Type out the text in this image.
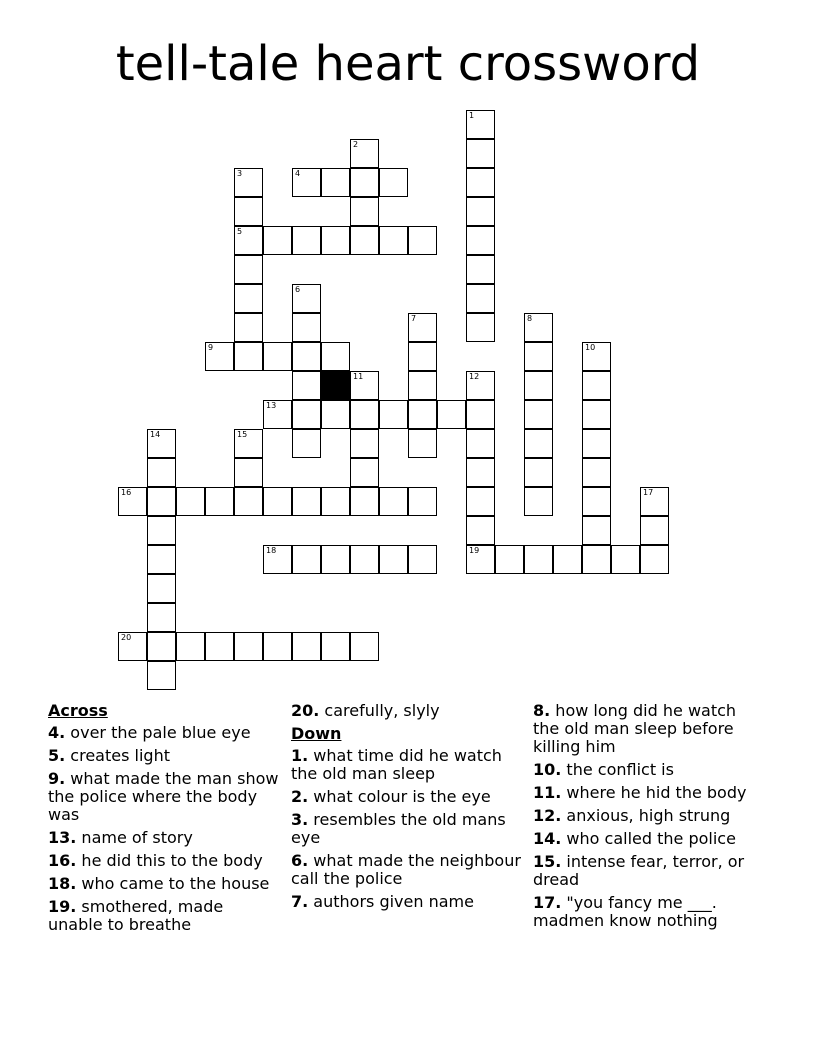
tell-tale heart crossword
1
2
3
5
4
6
7	8
9	10
11	12
13
14	15
16	17
18	19
20
Across
4. over the pale blue eye
5. creates light
9. what made the man show the police where the body was
13. name of story
16. he did this to the body
18. who came to the house
19. smothered, made unable to breathe
20. carefully, slyly
Down
1. what time did he watch the old man sleep
2. what colour is the eye
3. resembles the old mans eye
6. what made the neighbour call the police
7. authors given name
8. how long did he watch the old man sleep before killing him
10. the conflict is
11. where he hid the body
12. anxious, high strung
14. who called the police
15. intense fear, terror, or dread
17. "you fancy me ___. madmen know nothing
